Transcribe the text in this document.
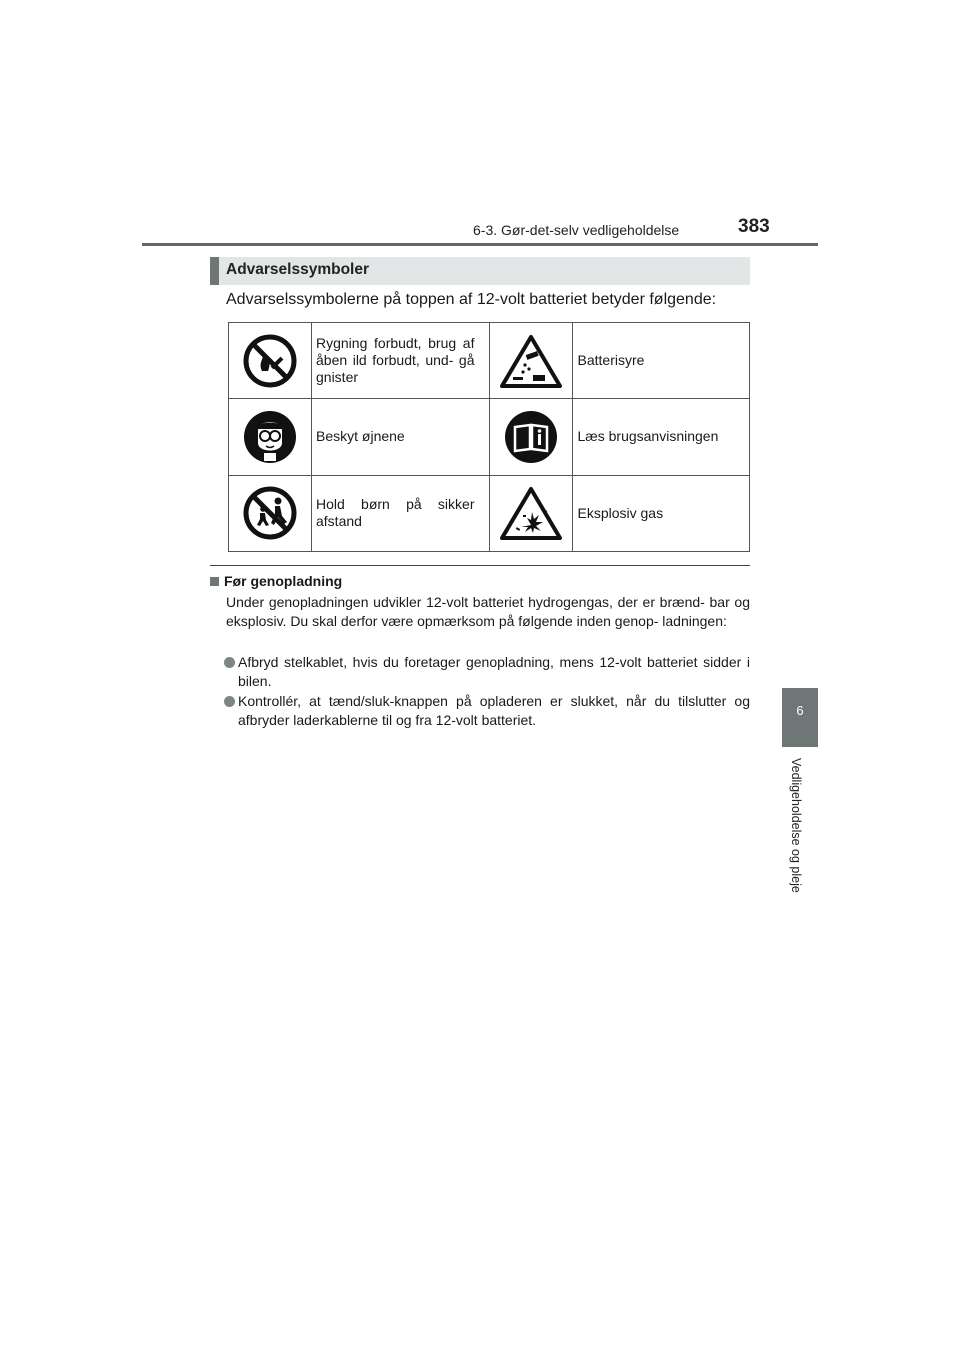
6-3. Gør-det-selv vedligeholdelse	383
6
Vedligeholdelse og pleje
Advarselssymboler
Advarselssymbolerne på toppen af 12-volt batteriet betyder følgende:
	Rygning forbudt, brug af åben ild forbudt, und- gå gnister		Batterisyre

	Beskyt øjnene		Læs brugsanvisningen

	Hold børn på sikker afstand		Eksplosiv gas
Før genopladning
Under genopladningen udvikler 12-volt batteriet hydrogengas, der er brænd- bar og eksplosiv. Du skal derfor være opmærksom på følgende inden genop- ladningen:
Afbryd stelkablet, hvis du foretager genopladning, mens 12-volt batteriet sidder i bilen.
Kontrollér, at tænd/sluk-knappen på opladeren er slukket, når du tilslutter og afbryder laderkablerne til og fra 12-volt batteriet.
